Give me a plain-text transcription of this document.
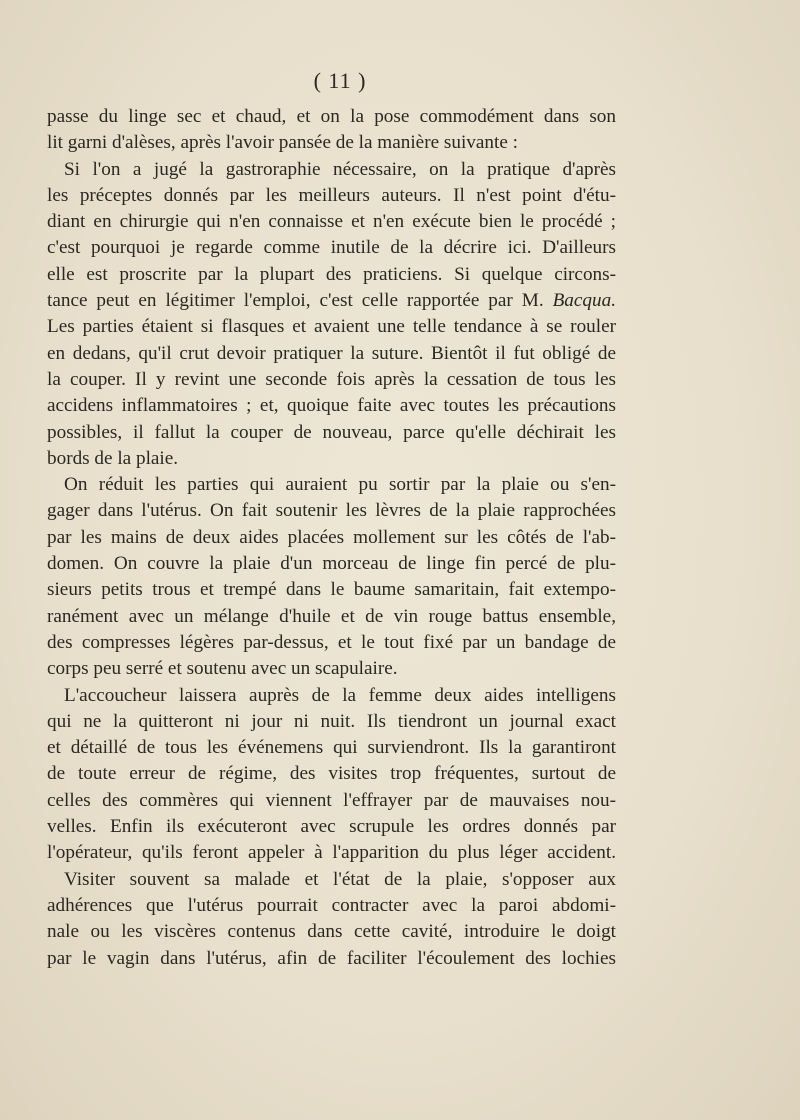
( 11 )
passe du linge sec et chaud, et on la pose commodément dans son
lit garni d'alèses, après l'avoir pansée de la manière suivante :
Si l'on a jugé la gastroraphie nécessaire, on la pratique d'après
les préceptes donnés par les meilleurs auteurs. Il n'est point d'étu-
diant en chirurgie qui n'en connaisse et n'en exécute bien le procédé ;
c'est pourquoi je regarde comme inutile de la décrire ici. D'ailleurs
elle est proscrite par la plupart des praticiens. Si quelque circons-
tance peut en légitimer l'emploi, c'est celle rapportée par M. Bacqua.
Les parties étaient si flasques et avaient une telle tendance à se rouler
en dedans, qu'il crut devoir pratiquer la suture. Bientôt il fut obligé de
la couper. Il y revint une seconde fois après la cessation de tous les
accidens inflammatoires ; et, quoique faite avec toutes les précautions
possibles, il fallut la couper de nouveau, parce qu'elle déchirait les
bords de la plaie.
On réduit les parties qui auraient pu sortir par la plaie ou s'en-
gager dans l'utérus. On fait soutenir les lèvres de la plaie rapprochées
par les mains de deux aides placées mollement sur les côtés de l'ab-
domen. On couvre la plaie d'un morceau de linge fin percé de plu-
sieurs petits trous et trempé dans le baume samaritain, fait extempo-
ranément avec un mélange d'huile et de vin rouge battus ensemble,
des compresses légères par-dessus, et le tout fixé par un bandage de
corps peu serré et soutenu avec un scapulaire.
L'accoucheur laissera auprès de la femme deux aides intelligens
qui ne la quitteront ni jour ni nuit. Ils tiendront un journal exact
et détaillé de tous les événemens qui surviendront. Ils la garantiront
de toute erreur de régime, des visites trop fréquentes, surtout de
celles des commères qui viennent l'effrayer par de mauvaises nou-
velles. Enfin ils exécuteront avec scrupule les ordres donnés par
l'opérateur, qu'ils feront appeler à l'apparition du plus léger accident.
Visiter souvent sa malade et l'état de la plaie, s'opposer aux
adhérences que l'utérus pourrait contracter avec la paroi abdomi-
nale ou les viscères contenus dans cette cavité, introduire le doigt
par le vagin dans l'utérus, afin de faciliter l'écoulement des lochies
